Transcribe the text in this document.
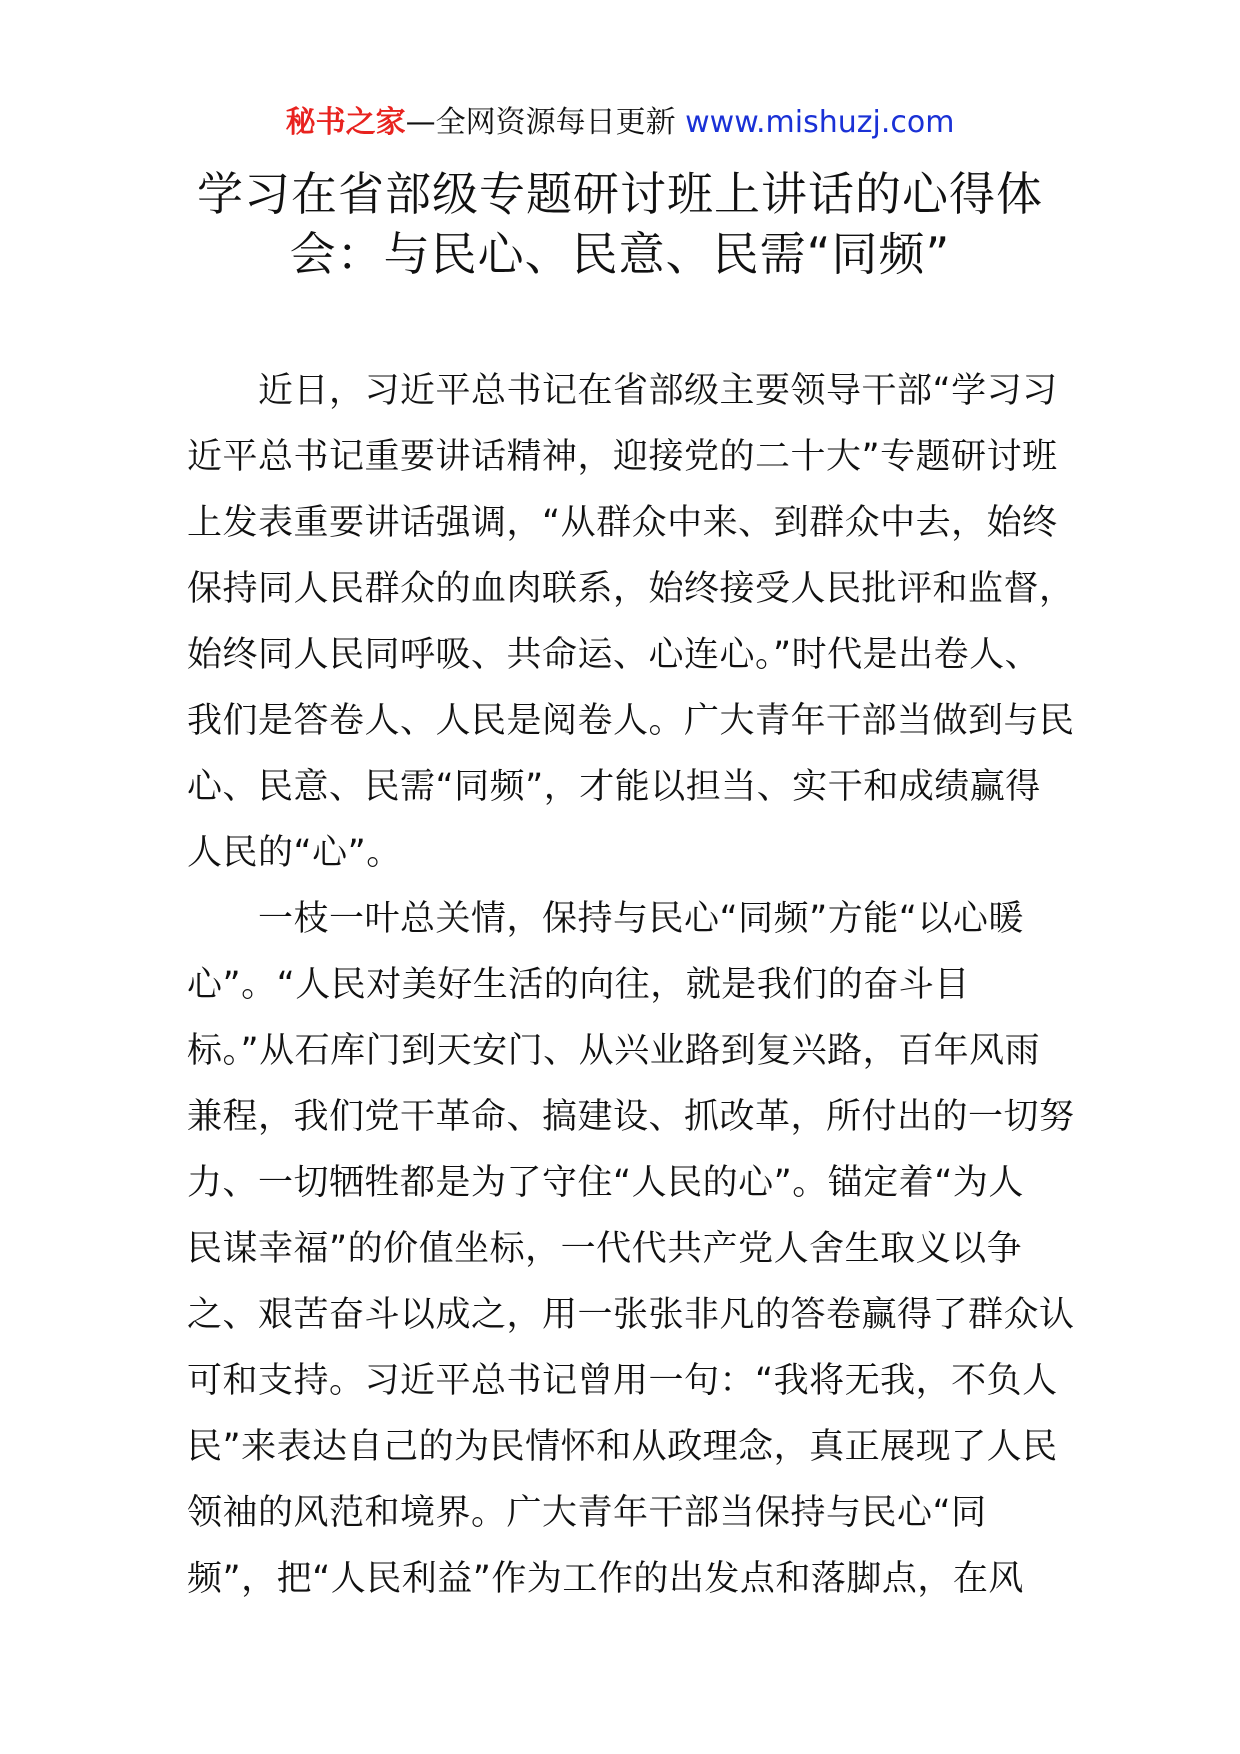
秘书之家—全网资源每日更新 www.mishuzj.com
学习在省部级专题研讨班上讲话的心得体
会：与民心、民意、民需“同频”

　　近日，习近平总书记在省部级主要领导干部“学习习
近平总书记重要讲话精神，迎接党的二十大”专题研讨班
上发表重要讲话强调，“从群众中来、到群众中去，始终
保持同人民群众的血肉联系，始终接受人民批评和监督，
始终同人民同呼吸、共命运、心连心。”时代是出卷人、
我们是答卷人、人民是阅卷人。广大青年干部当做到与民
心、民意、民需“同频”，才能以担当、实干和成绩赢得
人民的“心”。

　　一枝一叶总关情，保持与民心“同频”方能“以心暖
心”。“人民对美好生活的向往，就是我们的奋斗目
标。”从石库门到天安门、从兴业路到复兴路，百年风雨
兼程，我们党干革命、搞建设、抓改革，所付出的一切努
力、一切牺牲都是为了守住“人民的心”。锚定着“为人
民谋幸福”的价值坐标，一代代共产党人舍生取义以争
之、艰苦奋斗以成之，用一张张非凡的答卷赢得了群众认
可和支持。习近平总书记曾用一句：“我将无我，不负人
民”来表达自己的为民情怀和从政理念，真正展现了人民
领袖的风范和境界。广大青年干部当保持与民心“同
频”，把“人民利益”作为工作的出发点和落脚点，在风
